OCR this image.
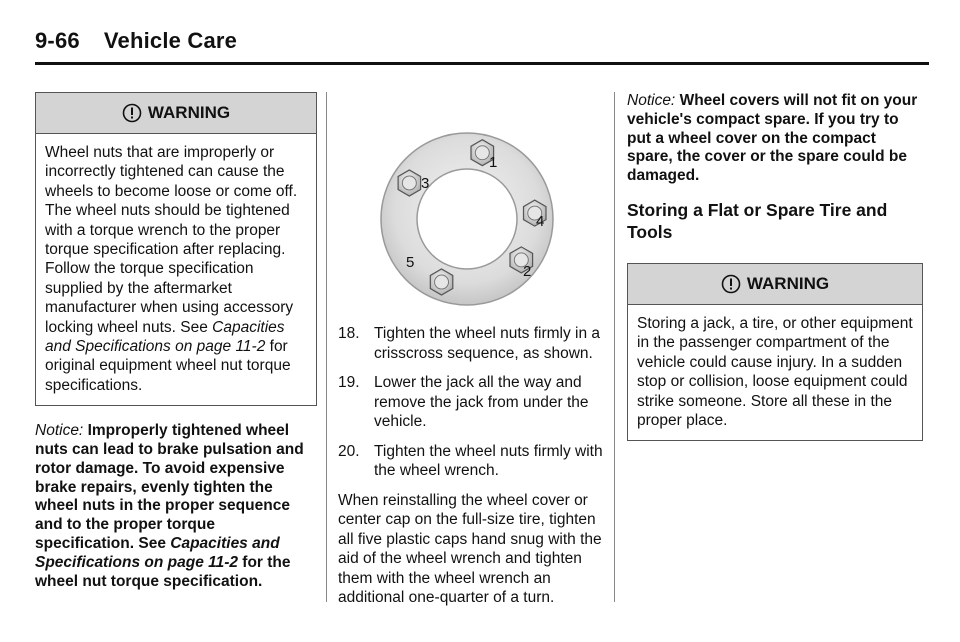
9-66 Vehicle Care
WARNING
Wheel nuts that are improperly or incorrectly tightened can cause the wheels to become loose or come off. The wheel nuts should be tightened with a torque wrench to the proper torque specification after replacing. Follow the torque specification supplied by the aftermarket manufacturer when using accessory locking wheel nuts. See Capacities and Specifications on page 11-2 for original equipment wheel nut torque specifications.
Notice: Improperly tightened wheel nuts can lead to brake pulsation and rotor damage. To avoid expensive brake repairs, evenly tighten the wheel nuts in the proper sequence and to the proper torque specification. See Capacities and Specifications on page 11-2 for the wheel nut torque specification.
1
2
3
4
5
18. Tighten the wheel nuts firmly in a crisscross sequence, as shown.
19. Lower the jack all the way and remove the jack from under the vehicle.
20. Tighten the wheel nuts firmly with the wheel wrench.
When reinstalling the wheel cover or center cap on the full-size tire, tighten all five plastic caps hand snug with the aid of the wheel wrench and tighten them with the wheel wrench an additional one-quarter of a turn.
Notice: Wheel covers will not fit on your vehicle's compact spare. If you try to put a wheel cover on the compact spare, the cover or the spare could be damaged.
Storing a Flat or Spare Tire and Tools
WARNING
Storing a jack, a tire, or other equipment in the passenger compartment of the vehicle could cause injury. In a sudden stop or collision, loose equipment could strike someone. Store all these in the proper place.
